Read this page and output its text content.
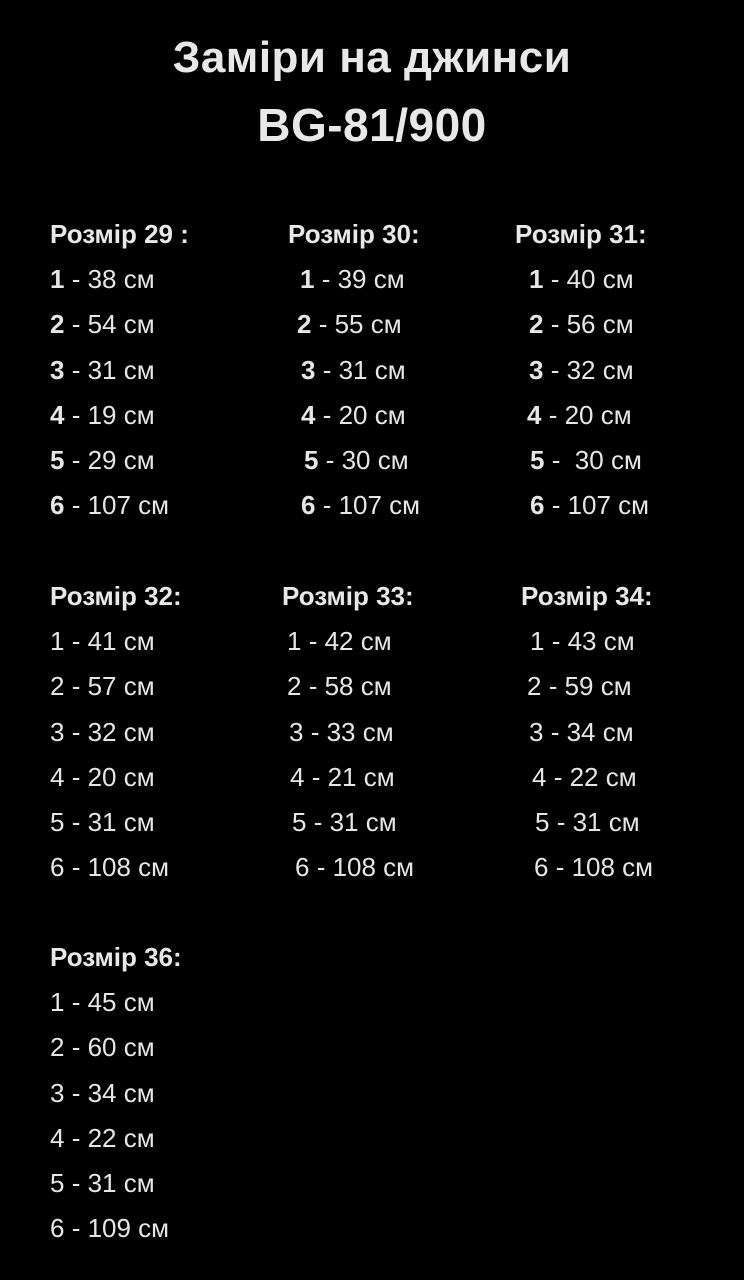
Заміри на джинси
BG-81/900
Розмір 29 :
1 - 38 см
2 - 54 см
3 - 31 см
4 - 19 см
5 - 29 см
6 - 107 см
Розмір 30:
1 - 39 см
2 - 55 см
3 - 31 см
4 - 20 см
5 - 30 см
6 - 107 см
Розмір 31:
1 - 40 см
2 - 56 см
3 - 32 см
4 - 20 см
5 -  30 см
6 - 107 см
Розмір 32:
1 - 41 см
2 - 57 см
3 - 32 см
4 - 20 см
5 - 31 см
6 - 108 см
Розмір 33:
1 - 42 см
2 - 58 см
3 - 33 см
4 - 21 см
5 - 31 см
6 - 108 см
Розмір 34:
1 - 43 см
2 - 59 см
3 - 34 см
4 - 22 см
5 - 31 см
6 - 108 см
Розмір 36:
1 - 45 см
2 - 60 см
3 - 34 см
4 - 22 см
5 - 31 см
6 - 109 см
